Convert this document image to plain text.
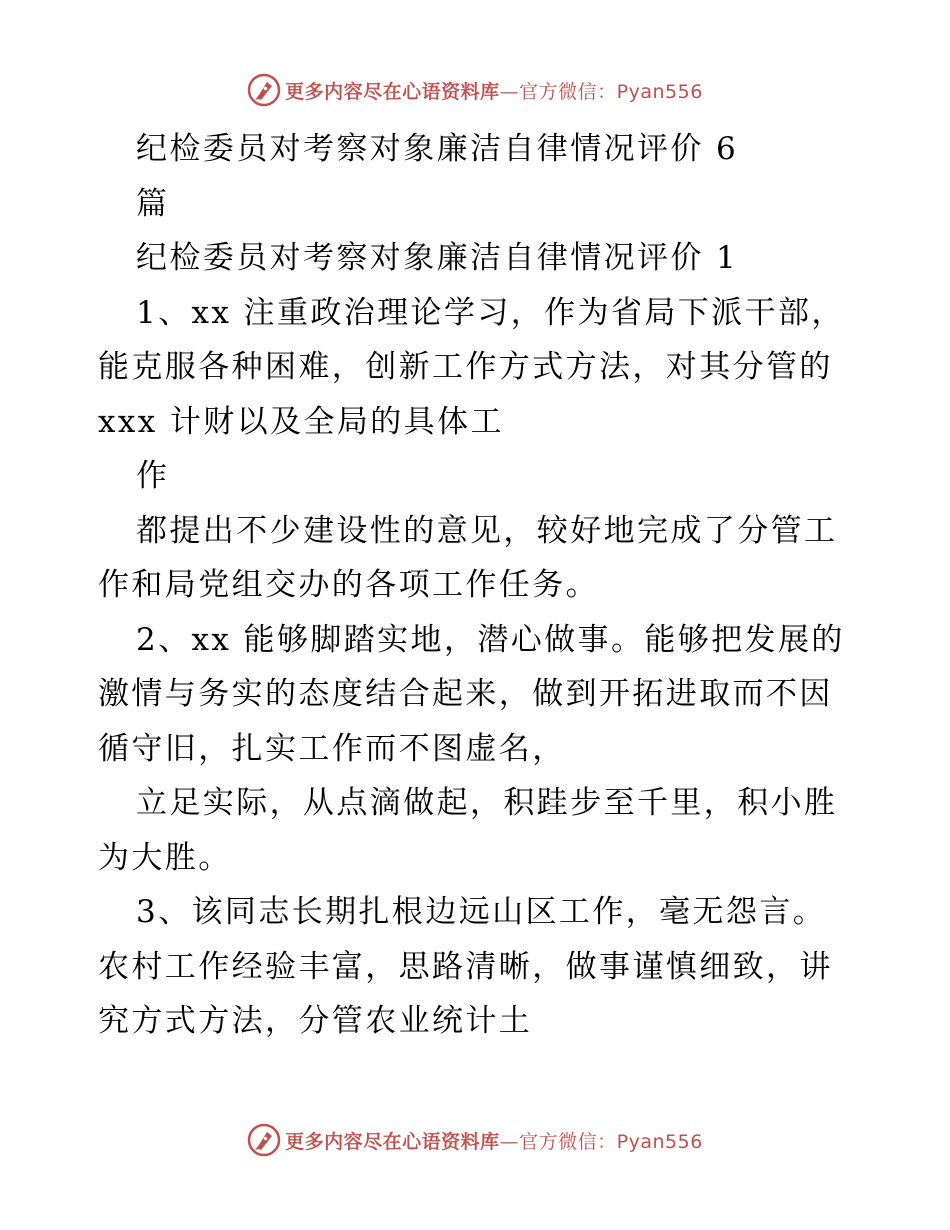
更多内容尽在心语资料库—官方微信：Pyan556

纪检委员对考察对象廉洁自律情况评价 6

篇

纪检委员对考察对象廉洁自律情况评价 1

1、xx 注重政治理论学习，作为省局下派干部，

能克服各种困难，创新工作方式方法，对其分管的

xxx 计财以及全局的具体工

作

都提出不少建设性的意见，较好地完成了分管工

作和局党组交办的各项工作任务。

2、xx 能够脚踏实地，潜心做事。能够把发展的

激情与务实的态度结合起来，做到开拓进取而不因

循守旧，扎实工作而不图虚名，

立足实际，从点滴做起，积跬步至千里，积小胜

为大胜。

3、该同志长期扎根边远山区工作，毫无怨言。

农村工作经验丰富，思路清晰，做事谨慎细致，讲

究方式方法，分管农业统计土

更多内容尽在心语资料库—官方微信：Pyan556
